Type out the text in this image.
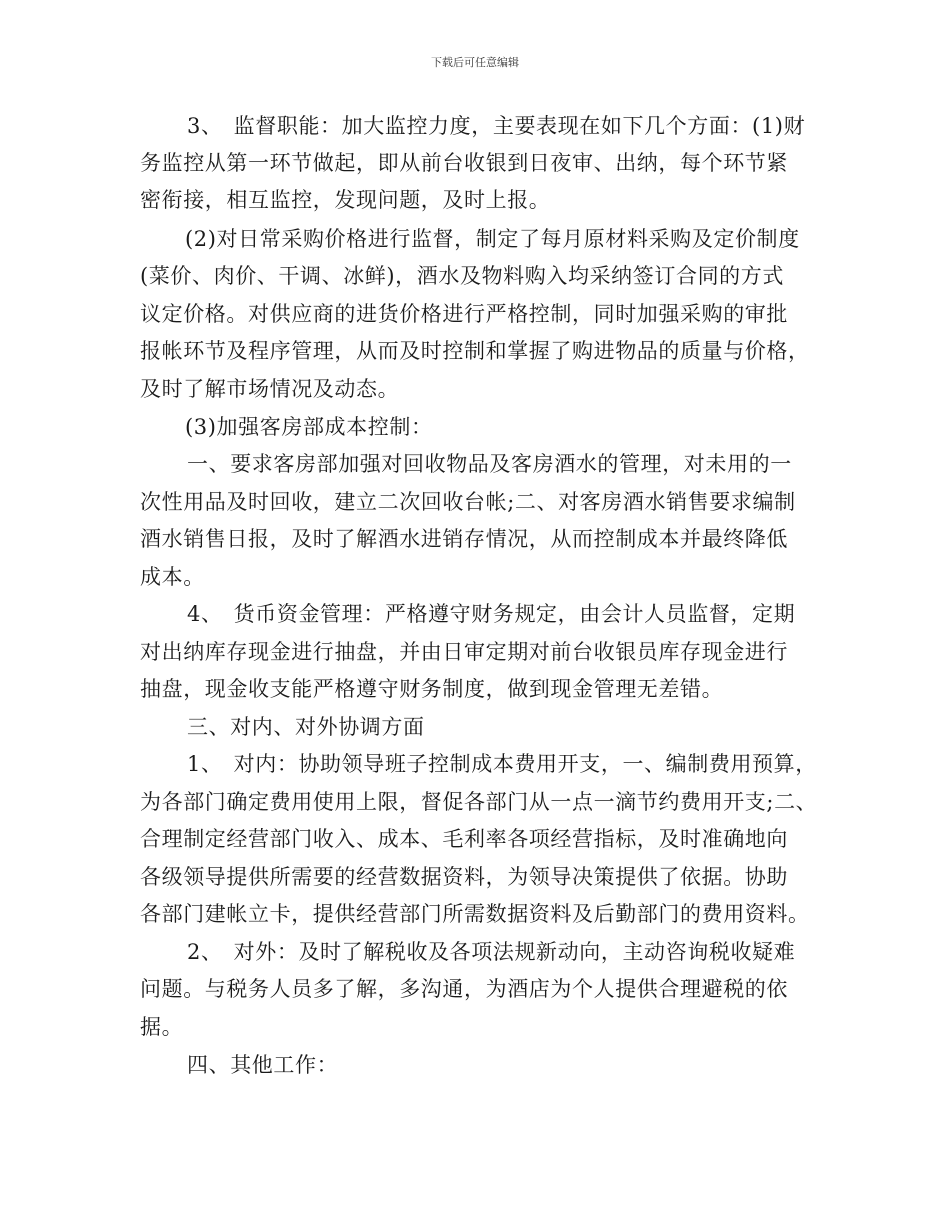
下载后可任意编辑
3、　监督职能：加大监控力度，主要表现在如下几个方面：(1)财
务监控从第一环节做起，即从前台收银到日夜审、出纳，每个环节紧
密衔接，相互监控，发现问题，及时上报。
(2)对日常采购价格进行监督，制定了每月原材料采购及定价制度
(菜价、肉价、干调、冰鲜)，酒水及物料购入均采纳签订合同的方式
议定价格。对供应商的进货价格进行严格控制，同时加强采购的审批
报帐环节及程序管理，从而及时控制和掌握了购进物品的质量与价格，
及时了解市场情况及动态。
(3)加强客房部成本控制：
一、要求客房部加强对回收物品及客房酒水的管理，对未用的一
次性用品及时回收，建立二次回收台帐;二、对客房酒水销售要求编制
酒水销售日报，及时了解酒水进销存情况，从而控制成本并最终降低
成本。
4、　货币资金管理：严格遵守财务规定，由会计人员监督，定期
对出纳库存现金进行抽盘，并由日审定期对前台收银员库存现金进行
抽盘，现金收支能严格遵守财务制度，做到现金管理无差错。
三、对内、对外协调方面
1、　对内：协助领导班子控制成本费用开支，一、编制费用预算，
为各部门确定费用使用上限，督促各部门从一点一滴节约费用开支;二、
合理制定经营部门收入、成本、毛利率各项经营指标，及时准确地向
各级领导提供所需要的经营数据资料，为领导决策提供了依据。协助
各部门建帐立卡，提供经营部门所需数据资料及后勤部门的费用资料。
2、　对外：及时了解税收及各项法规新动向，主动咨询税收疑难
问题。与税务人员多了解，多沟通，为酒店为个人提供合理避税的依
据。
四、其他工作：
